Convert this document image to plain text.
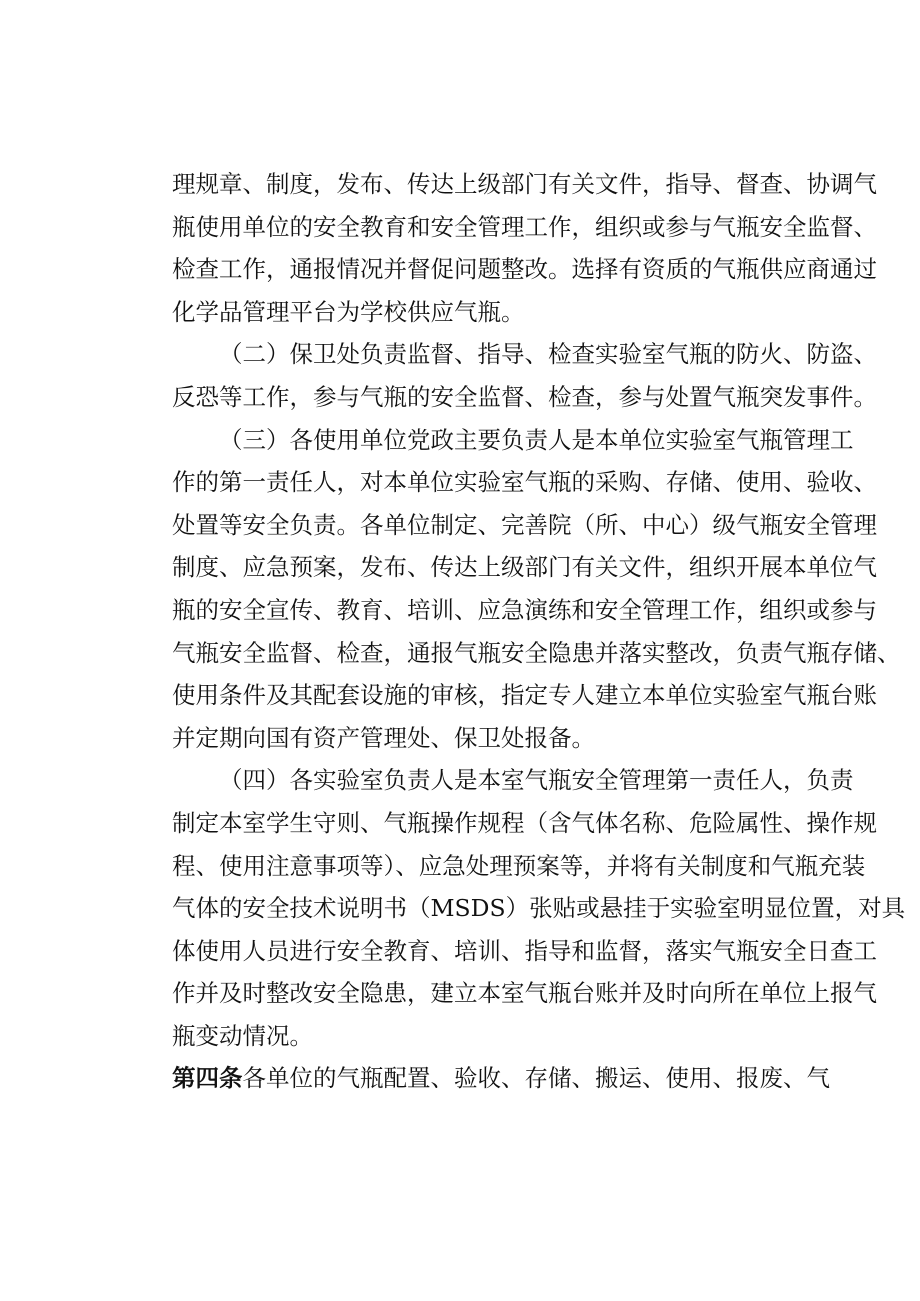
理规章、制度，发布、传达上级部门有关文件，指导、督查、协调气
瓶使用单位的安全教育和安全管理工作，组织或参与气瓶安全监督、
检查工作，通报情况并督促问题整改。选择有资质的气瓶供应商通过
化学品管理平台为学校供应气瓶。
（二）保卫处负责监督、指导、检查实验室气瓶的防火、防盗、
反恐等工作，参与气瓶的安全监督、检查，参与处置气瓶突发事件。
（三）各使用单位党政主要负责人是本单位实验室气瓶管理工
作的第一责任人，对本单位实验室气瓶的采购、存储、使用、验收、
处置等安全负责。各单位制定、完善院（所、中心）级气瓶安全管理
制度、应急预案，发布、传达上级部门有关文件，组织开展本单位气
瓶的安全宣传、教育、培训、应急演练和安全管理工作，组织或参与
气瓶安全监督、检查，通报气瓶安全隐患并落实整改，负责气瓶存储、
使用条件及其配套设施的审核，指定专人建立本单位实验室气瓶台账
并定期向国有资产管理处、保卫处报备。
（四）各实验室负责人是本室气瓶安全管理第一责任人，负责
制定本室学生守则、气瓶操作规程（含气体名称、危险属性、操作规
程、使用注意事项等）、应急处理预案等，并将有关制度和气瓶充装
气体的安全技术说明书（MSDS）张贴或悬挂于实验室明显位置，对具
体使用人员进行安全教育、培训、指导和监督，落实气瓶安全日查工
作并及时整改安全隐患，建立本室气瓶台账并及时向所在单位上报气
瓶变动情况。
第四条各单位的气瓶配置、验收、存储、搬运、使用、报废、气
